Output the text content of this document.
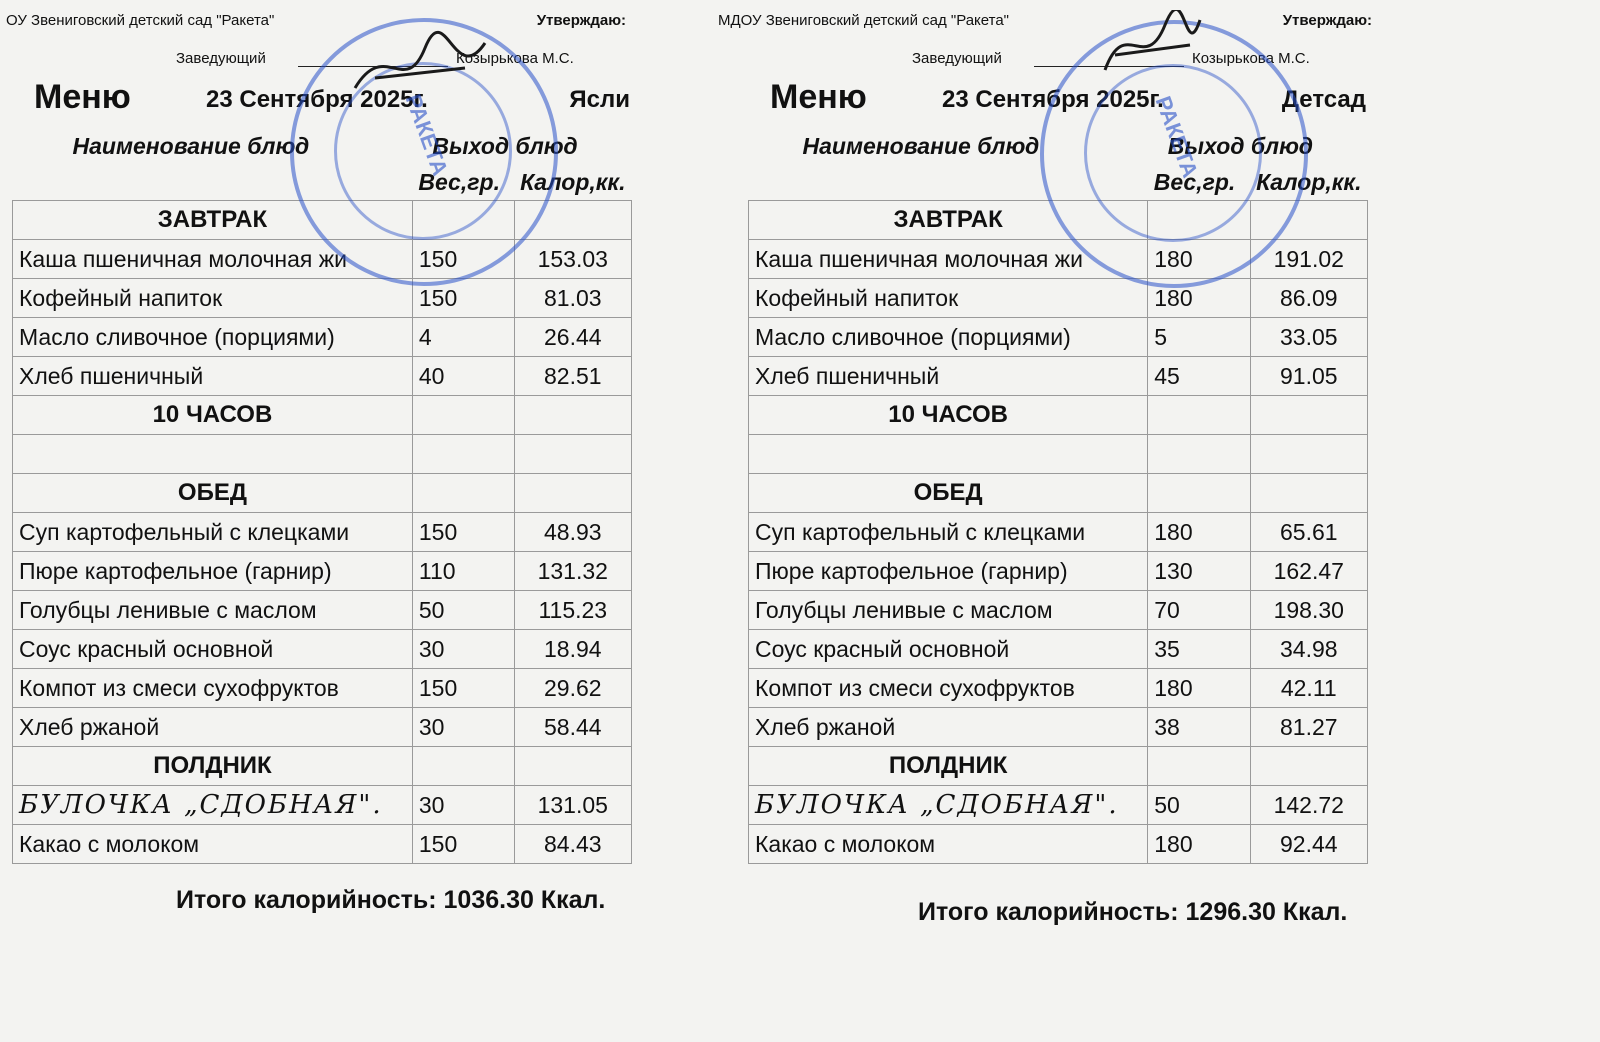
ОУ Звениговский детский сад "Ракета"	Утверждаю:
Заведующий	Козырькова М.С.
Меню	23 Сентября 2025г.	Ясли
Наименование блюд	Выход блюд	
	Вес,гр.	Калор,кк.
ЗАВТРАК		
Каша пшеничная молочная жи	150	153.03
Кофейный напиток	150	81.03
Масло сливочное (порциями)	4	26.44
Хлеб пшеничный	40	82.51
10 ЧАСОВ		

ОБЕД		
Суп картофельный с клецками	150	48.93
Пюре картофельное (гарнир)	110	131.32
Голубцы ленивые с маслом	50	115.23
Соус красный основной	30	18.94
Компот из смеси сухофруктов	150	29.62
Хлеб ржаной	30	58.44
ПОЛДНИК		
БУЛОЧКА „СДОБНАЯ".	30	131.05
Какао с молоком	150	84.43
Итого калорийность: 1036.30 Ккал.
МДОУ Звениговский детский сад "Ракета"	Утверждаю:
Заведующий	Козырькова М.С.
Меню	23 Сентября 2025г.	Детсад
Наименование блюд	Выход блюд	
	Вес,гр.	Калор,кк.
ЗАВТРАК		
Каша пшеничная молочная жи	180	191.02
Кофейный напиток	180	86.09
Масло сливочное (порциями)	5	33.05
Хлеб пшеничный	45	91.05
10 ЧАСОВ		

ОБЕД		
Суп картофельный с клецками	180	65.61
Пюре картофельное (гарнир)	130	162.47
Голубцы ленивые с маслом	70	198.30
Соус красный основной	35	34.98
Компот из смеси сухофруктов	180	42.11
Хлеб ржаной	38	81.27
ПОЛДНИК		
БУЛОЧКА „СДОБНАЯ".	50	142.72
Какао с молоком	180	92.44
Итого калорийность: 1296.30 Ккал.
РАКЕТА	РАКЕТА
